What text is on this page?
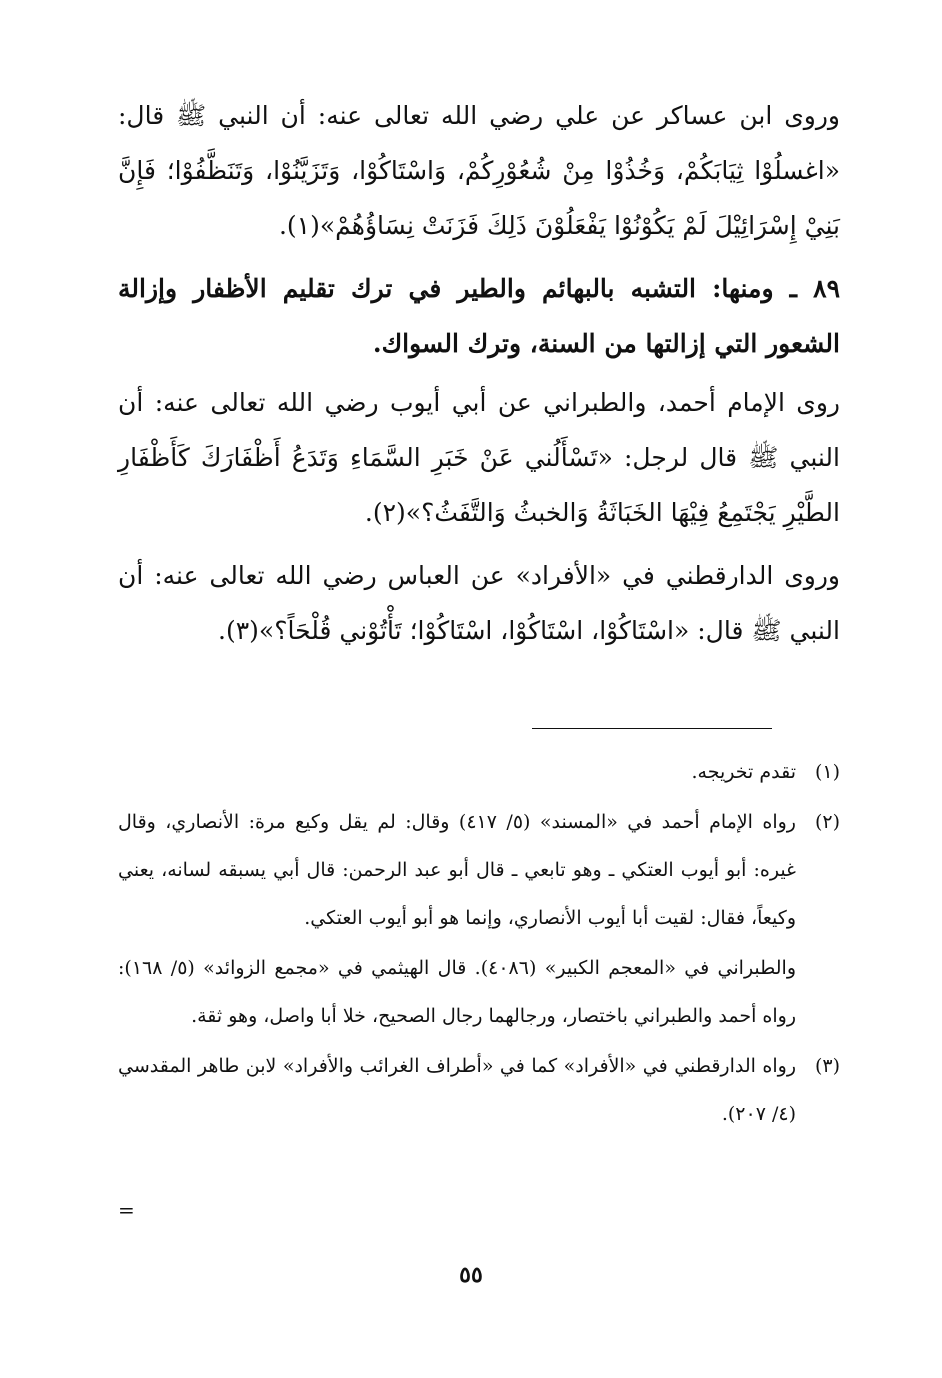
وروى ابن عساكر عن علي رضي الله تعالى عنه: أن النبي ﷺ قال: «اغسلُوْا ثِيَابَكُمْ، وَخُذُوْا مِنْ شُعُوْرِكُمْ، وَاسْتَاكُوْا، وَتَزَيَّنُوْا، وَتَنَظَّفُوْا؛ فَإِنَّ بَنِيْ إِسْرَائِيْلَ لَمْ يَكُوْنُوْا يَفْعَلُوْنَ ذَلِكَ فَزَنَتْ نِسَاؤُهُمْ»(١).

٨٩ ـ ومنها: التشبه بالبهائم والطير في ترك تقليم الأظفار وإزالة الشعور التي إزالتها من السنة، وترك السواك.

روى الإمام أحمد، والطبراني عن أبي أيوب رضي الله تعالى عنه: أن النبي ﷺ قال لرجل: «تَسْأَلُني عَنْ خَبَرِ السَّمَاءِ وَتَدَعُ أَظْفَارَكَ كَأَظْفَارِ الطَّيْرِ يَجْتَمِعُ فِيْهَا الخَبَاثَةُ وَالخبثُ وَالتَّفَثُ؟»(٢).

وروى الدارقطني في «الأفراد» عن العباس رضي الله تعالى عنه: أن النبي ﷺ قال: «اسْتَاكُوْا، اسْتَاكُوْا، اسْتَاكُوْا؛ تَأْتُوْني قُلْحَاً؟»(٣).

(١)

تقدم تخريجه.

(٢)

رواه الإمام أحمد في «المسند» (٥/ ٤١٧) وقال: لم يقل وكيع مرة: الأنصاري، وقال غيره: أبو أيوب العتكي ـ وهو تابعي ـ قال أبو عبد الرحمن: قال أبي يسبقه لسانه، يعني وكيعاً، فقال: لقيت أبا أيوب الأنصاري، وإنما هو أبو أيوب العتكي.

والطبراني في «المعجم الكبير» (٤٠٨٦). قال الهيثمي في «مجمع الزوائد» (٥/ ١٦٨): رواه أحمد والطبراني باختصار، ورجالهما رجال الصحيح، خلا أبا واصل، وهو ثقة.

(٣)

رواه الدارقطني في «الأفراد» كما في «أطراف الغرائب والأفراد» لابن طاهر المقدسي (٤/ ٢٠٧).

=
٥٥
